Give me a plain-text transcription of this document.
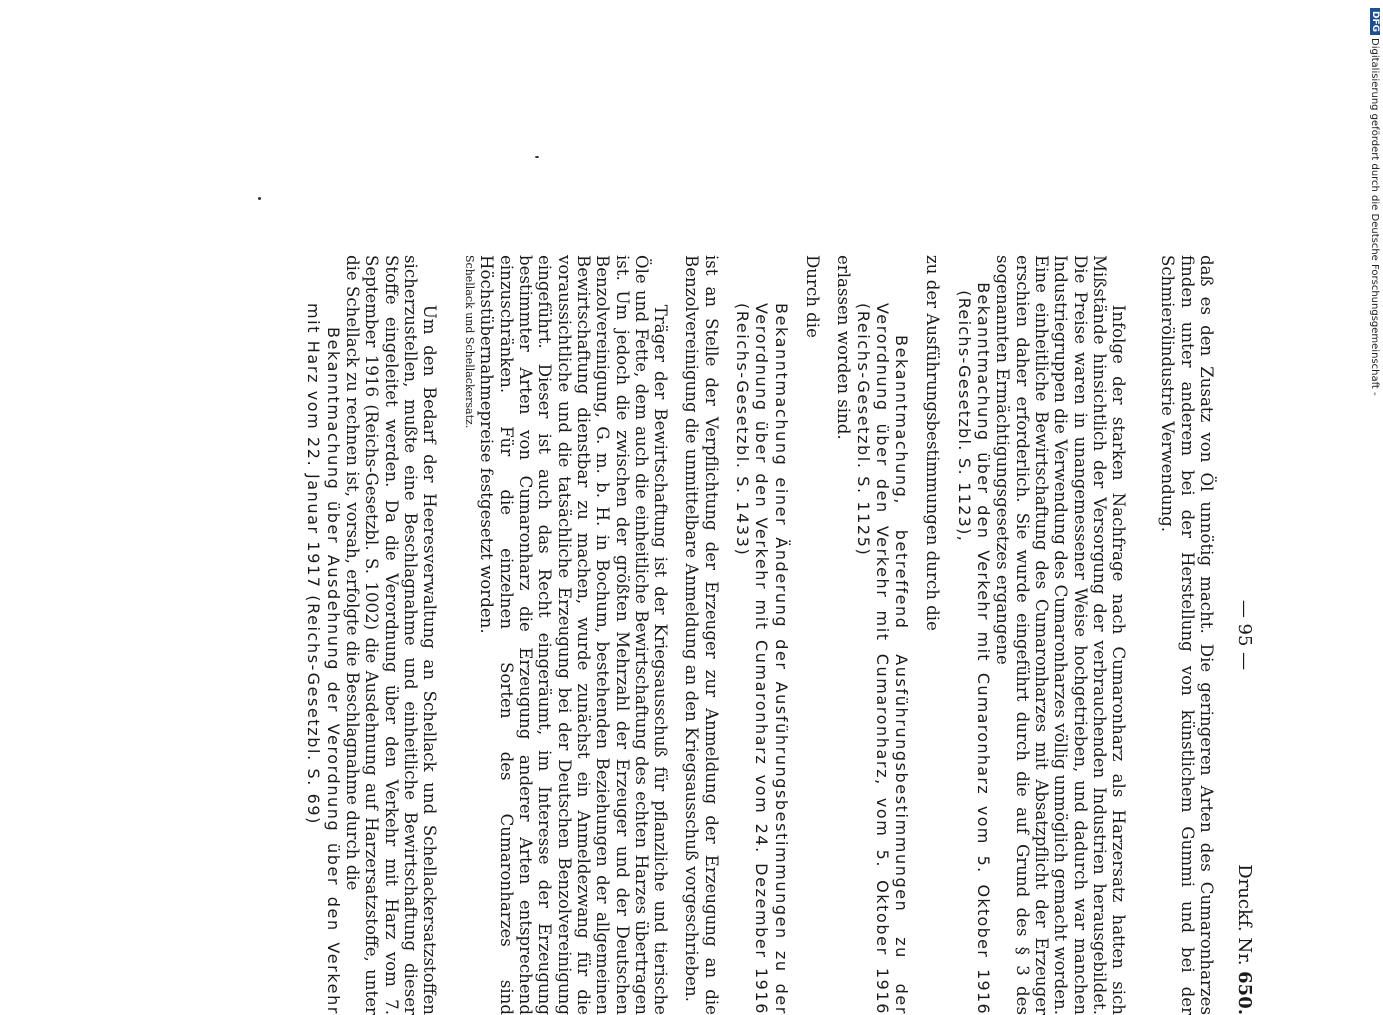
— 95 —
Druckf. Nr. 650.

daß es den Zusatz von Öl unnötig macht. Die geringeren Arten des Cumaronharzes finden unter anderem bei der Herstellung von künstlichem Gummi und bei der Schmierölindustrie Verwendung.

Infolge der starken Nachfrage nach Cumaronharz als Harzersatz hatten sich Mißstände hinsichtlich der Versorgung der verbrauchenden Industrien herausgebildet. Die Preise waren in unangemessener Weise hochgetrieben, und dadurch war manchen Industriegruppen die Verwendung des Cumaronharzes völlig unmöglich gemacht worden. Eine einheitliche Bewirtschaftung des Cumaronharzes mit Absatzpflicht der Erzeuger erschien daher erforderlich. Sie wurde eingeführt durch die auf Grund des § 3 des sogenannten Ermächtigungsgesetzes ergangene

Bekanntmachung über den Verkehr mit Cumaronharz vom 5. Oktober 1916 (Reichs-Gesetzbl. S. 1123),

zu der Ausführungsbestimmungen durch die

Bekanntmachung, betreffend Ausführungsbestimmungen zu der Verordnung über den Verkehr mit Cumaronharz, vom 5. Oktober 1916 (Reichs-Gesetzbl. S. 1125)

erlassen worden sind.

Durch die

Bekanntmachung einer Änderung der Ausführungsbestimmungen zu der Verordnung über den Verkehr mit Cumaronharz vom 24. Dezember 1916 (Reichs-Gesetzbl. S. 1433)

ist an Stelle der Verpflichtung der Erzeuger zur Anmeldung der Erzeugung an die Benzolvereinigung die unmittelbare Anmeldung an den Kriegsausschuß vorgeschrieben.

Träger der Bewirtschaftung ist der Kriegsausschuß für pflanzliche und tierische Öle und Fette, dem auch die einheitliche Bewirtschaftung des echten Harzes übertragen ist. Um jedoch die zwischen der größten Mehrzahl der Erzeuger und der Deutschen Benzolvereinigung, G. m. b. H. in Bochum, bestehenden Beziehungen der allgemeinen Bewirtschaftung dienstbar zu machen, wurde zunächst ein Anmeldezwang für die voraussichtliche und die tatsächliche Erzeugung bei der Deutschen Benzolvereinigung eingeführt. Dieser ist auch das Recht eingeräumt, im Interesse der Erzeugung bestimmter Arten von Cumaronharz die Erzeugung anderer Arten entsprechend einzuschränken. Für die einzelnen Sorten des Cumaronharzes sind Höchstübernahmepreise festgesetzt worden.

Schellack und Schellackersatz.

Um den Bedarf der Heeresverwaltung an Schellack und Schellackersatzstoffen sicherzustellen, mußte eine Beschlagnahme und einheitliche Bewirtschaftung dieser Stoffe eingeleitet werden. Da die Verordnung über den Verkehr mit Harz vom 7. September 1916 (Reichs-Gesetzbl. S. 1002) die Ausdehnung auf Harzersatzstoffe, unter die Schellack zu rechnen ist, vorsah, erfolgte die Beschlagnahme durch die

Bekanntmachung über Ausdehnung der Verordnung über den Verkehr mit Harz vom 22. Januar 1917 (Reichs-Gesetzbl. S. 69)

DFGDigitalisierung gefördert durch die Deutsche Forschungsgemeinschaft -
